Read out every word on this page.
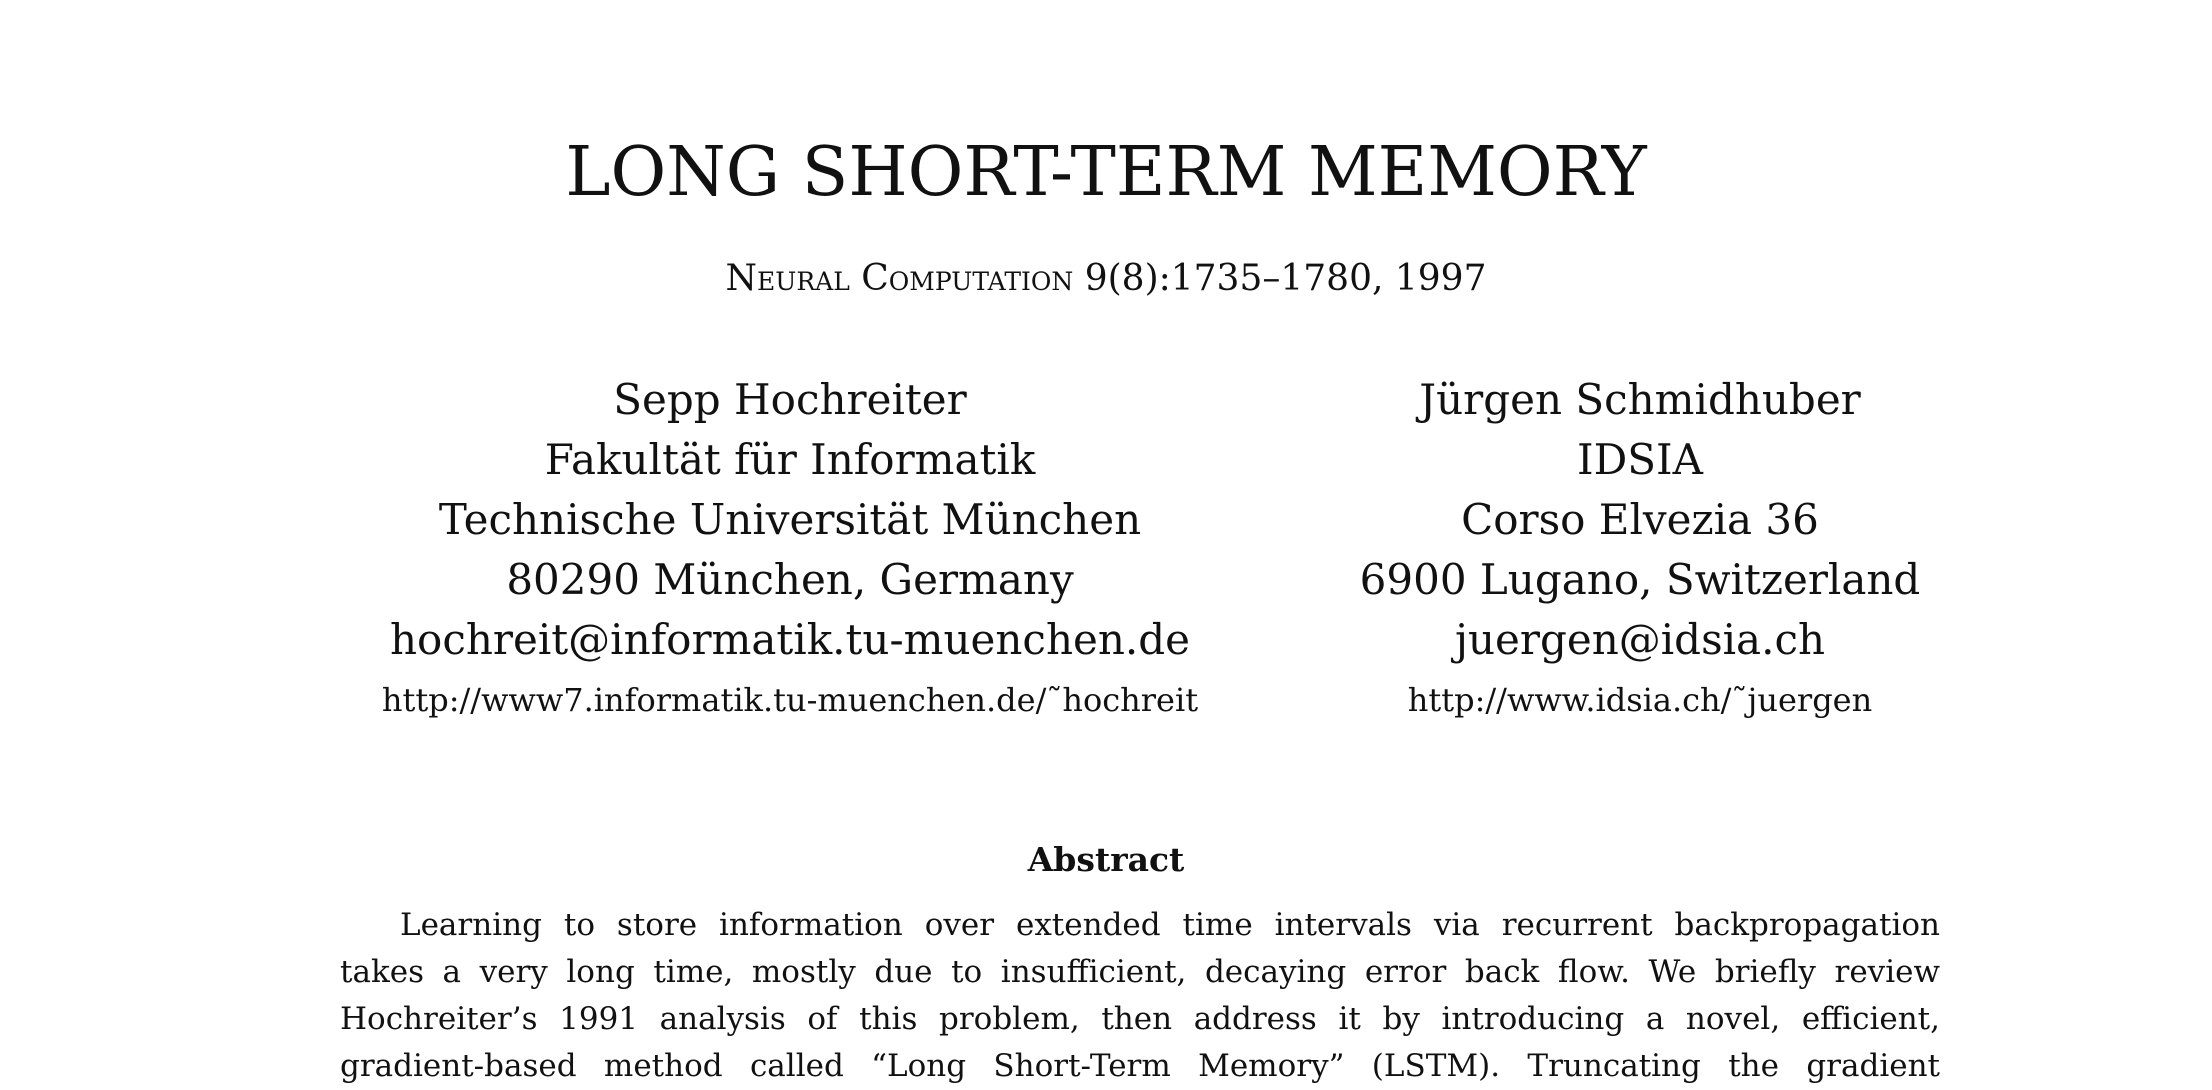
LONG SHORT-TERM MEMORY
Neural Computation 9(8):1735–1780, 1997
Sepp Hochreiter
Fakultät für Informatik
Technische Universität München
80290 München, Germany
hochreit@informatik.tu-muenchen.de
http://www7.informatik.tu-muenchen.de/˜hochreit
Jürgen Schmidhuber
IDSIA
Corso Elvezia 36
6900 Lugano, Switzerland
juergen@idsia.ch
http://www.idsia.ch/˜juergen
Abstract
Learning to store information over extended time intervals via recurrent backpropagation
takes a very long time, mostly due to insufficient, decaying error back flow. We briefly review
Hochreiter’s 1991 analysis of this problem, then address it by introducing a novel, efficient,
gradient-based method called “Long Short-Term Memory” (LSTM). Truncating the gradient
